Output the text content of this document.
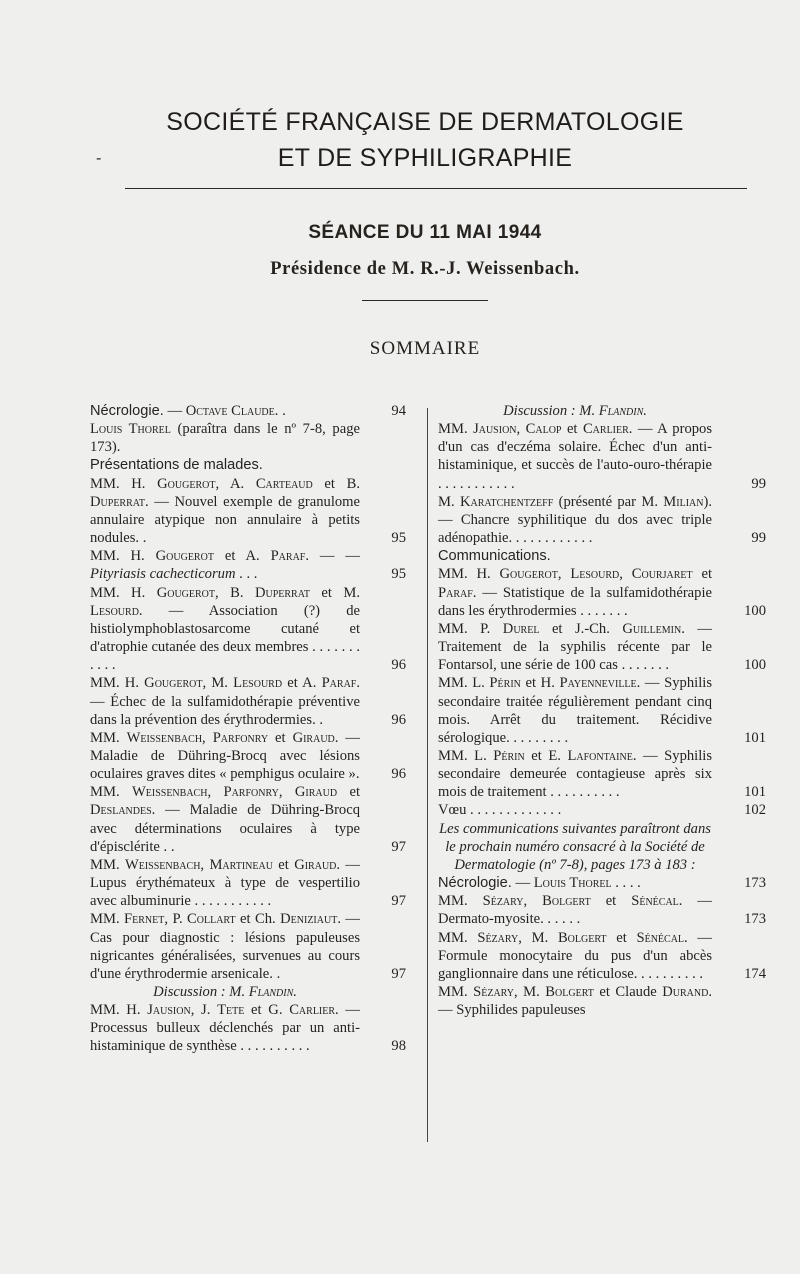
SOCIÉTÉ FRANÇAISE DE DERMATOLOGIE
-	ET DE SYPHILIGRAPHIE
SÉANCE DU 11 MAI 1944
Présidence de M. R.-J. Weissenbach.
SOMMAIRE
Nécrologie. — Octave Claude. .	94
Louis Thorel (paraîtra dans le nº 7-8, page 173).
Présentations de malades.
MM. H. Gougerot, A. Carteaud et B. Duperrat. — Nouvel exemple de granulome annulaire atypique non annulaire à petits nodules. .	95
MM. H. Gougerot et A. Paraf. — — Pityriasis cachecticorum . . .	95
MM. H. Gougerot, B. Duperrat et M. Lesourd. — Association (?) de histiolymphoblastosarcome cutané et d'atrophie cutanée des deux membres . . . . . . . . . . .	96
MM. H. Gougerot, M. Lesourd et A. Paraf. — Échec de la sulfamidothérapie préventive dans la prévention des érythrodermies. .	96
MM. Weissenbach, Parfonry et Giraud. — Maladie de Dühring-Brocq avec lésions oculaires graves dites « pemphigus oculaire ». 96
MM. Weissenbach, Parfonry, Giraud et Deslandes. — Maladie de Dühring-Brocq avec déterminations oculaires à type d'épisclérite . .	97
MM. Weissenbach, Martineau et Giraud. — Lupus érythémateux à type de vespertilio avec albuminurie . . . . . . . . . . .	97
MM. Fernet, P. Collart et Ch. Deniziaut. — Cas pour diagnostic : lésions papuleuses nigricantes généralisées, survenues au cours d'une érythrodermie arsenicale. .	97
Discussion : M. Flandin.
MM. H. Jausion, J. Tete et G. Carlier. — Processus bulleux déclenchés par un anti-histaminique de synthèse . . . . . . . . . .	98
Discussion : M. Flandin.
MM. Jausion, Calop et Carlier. — A propos d'un cas d'eczéma solaire. Échec d'un anti-histaminique, et succès de l'auto-ouro-thérapie . . . . . . . . . . .	99
M. Karatchentzeff (présenté par M. Milian). — Chancre syphilitique du dos avec triple adénopathie. . . . . . . . . . . .	99
Communications.
MM. H. Gougerot, Lesourd, Courjaret et Paraf. — Statistique de la sulfamidothérapie dans les érythrodermies . . . . . . .	100
MM. P. Durel et J.-Ch. Guillemin. — Traitement de la syphilis récente par le Fontarsol, une série de 100 cas . . . . . . .	100
MM. L. Périn et H. Payenneville. — Syphilis secondaire traitée régulièrement pendant cinq mois. Arrêt du traitement. Récidive sérologique. . . . . . . . .	101
MM. L. Périn et E. Lafontaine. — Syphilis secondaire demeurée contagieuse après six mois de traitement . . . . . . . . . .	101
Vœu . . . . . . . . . . . . .	102
Les communications suivantes paraîtront dans le prochain numéro consacré à la Société de Dermatologie (nº 7-8), pages 173 à 183 :
Nécrologie. — Louis Thorel . . . .	173
MM. Sézary, Bolgert et Sénécal. — Dermato-myosite. . . . . .	173
MM. Sézary, M. Bolgert et Sénécal. — Formule monocytaire du pus d'un abcès ganglionnaire dans une réticulose. . . . . . . . . .	174
MM. Sézary, M. Bolgert et Claude Durand. — Syphilides papuleuses
